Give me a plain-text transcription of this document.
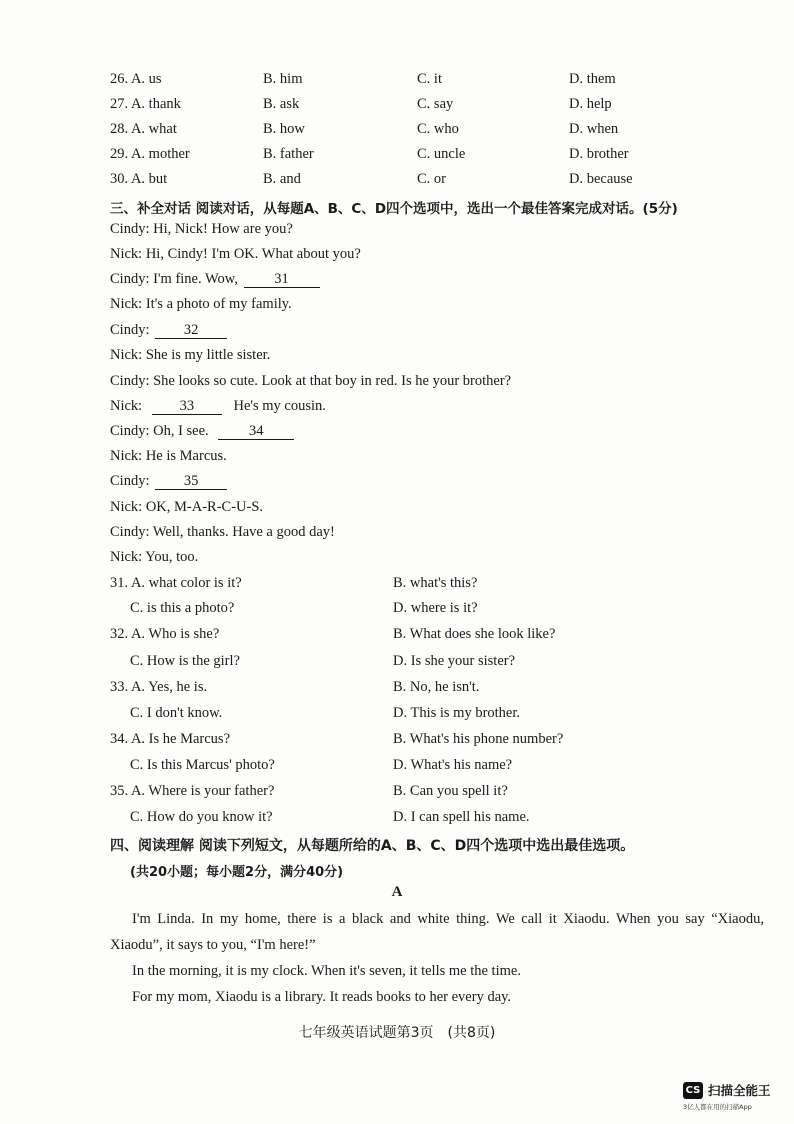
26. A. us	B. him	C. it	D. them
27. A. thank	B. ask	C. say	D. help
28. A. what	B. how	C. who	D. when
29. A. mother	B. father	C. uncle	D. brother
30. A. but	B. and	C. or	D. because
三、补全对话 阅读对话，从每题A、B、C、D四个选项中，选出一个最佳答案完成对话。(5分)
Cindy: Hi, Nick! How are you?
Nick: Hi, Cindy! I'm OK. What about you?
Cindy: I'm fine. Wow,	31
Nick: It's a photo of my family.
Cindy: 32
Nick: She is my little sister.
Cindy: She looks so cute. Look at that boy in red. Is he your brother?
Nick:	33	He's my cousin.
Cindy: Oh, I see.	34
Nick: He is Marcus.
Cindy: 35
Nick: OK, M-A-R-C-U-S.
Cindy: Well, thanks. Have a good day!
Nick: You, too.
31. A. what color is it?	B. what's this?
C. is this a photo?	D. where is it?
32. A. Who is she?	B. What does she look like?
C. How is the girl?	D. Is she your sister?
33. A. Yes, he is.	B. No, he isn't.
C. I don't know.	D. This is my brother.
34. A. Is he Marcus?	B. What's his phone number?
C. Is this Marcus' photo?	D. What's his name?
35. A. Where is your father?	B. Can you spell it?
C. How do you know it?	D. I can spell his name.
四、阅读理解 阅读下列短文，从每题所给的A、B、C、D四个选项中选出最佳选项。
(共20小题；每小题2分，满分40分)
A
I'm Linda. In my home, there is a black and white thing. We call it Xiaodu. When you say “Xiaodu, Xiaodu”, it says to you, “I'm here!”
In the morning, it is my clock. When it's seven, it tells me the time.
For my mom, Xiaodu is a library. It reads books to her every day.
七年级英语试题第3页　(共8页)
CS 扫描全能王
3亿人都在用的扫描App
